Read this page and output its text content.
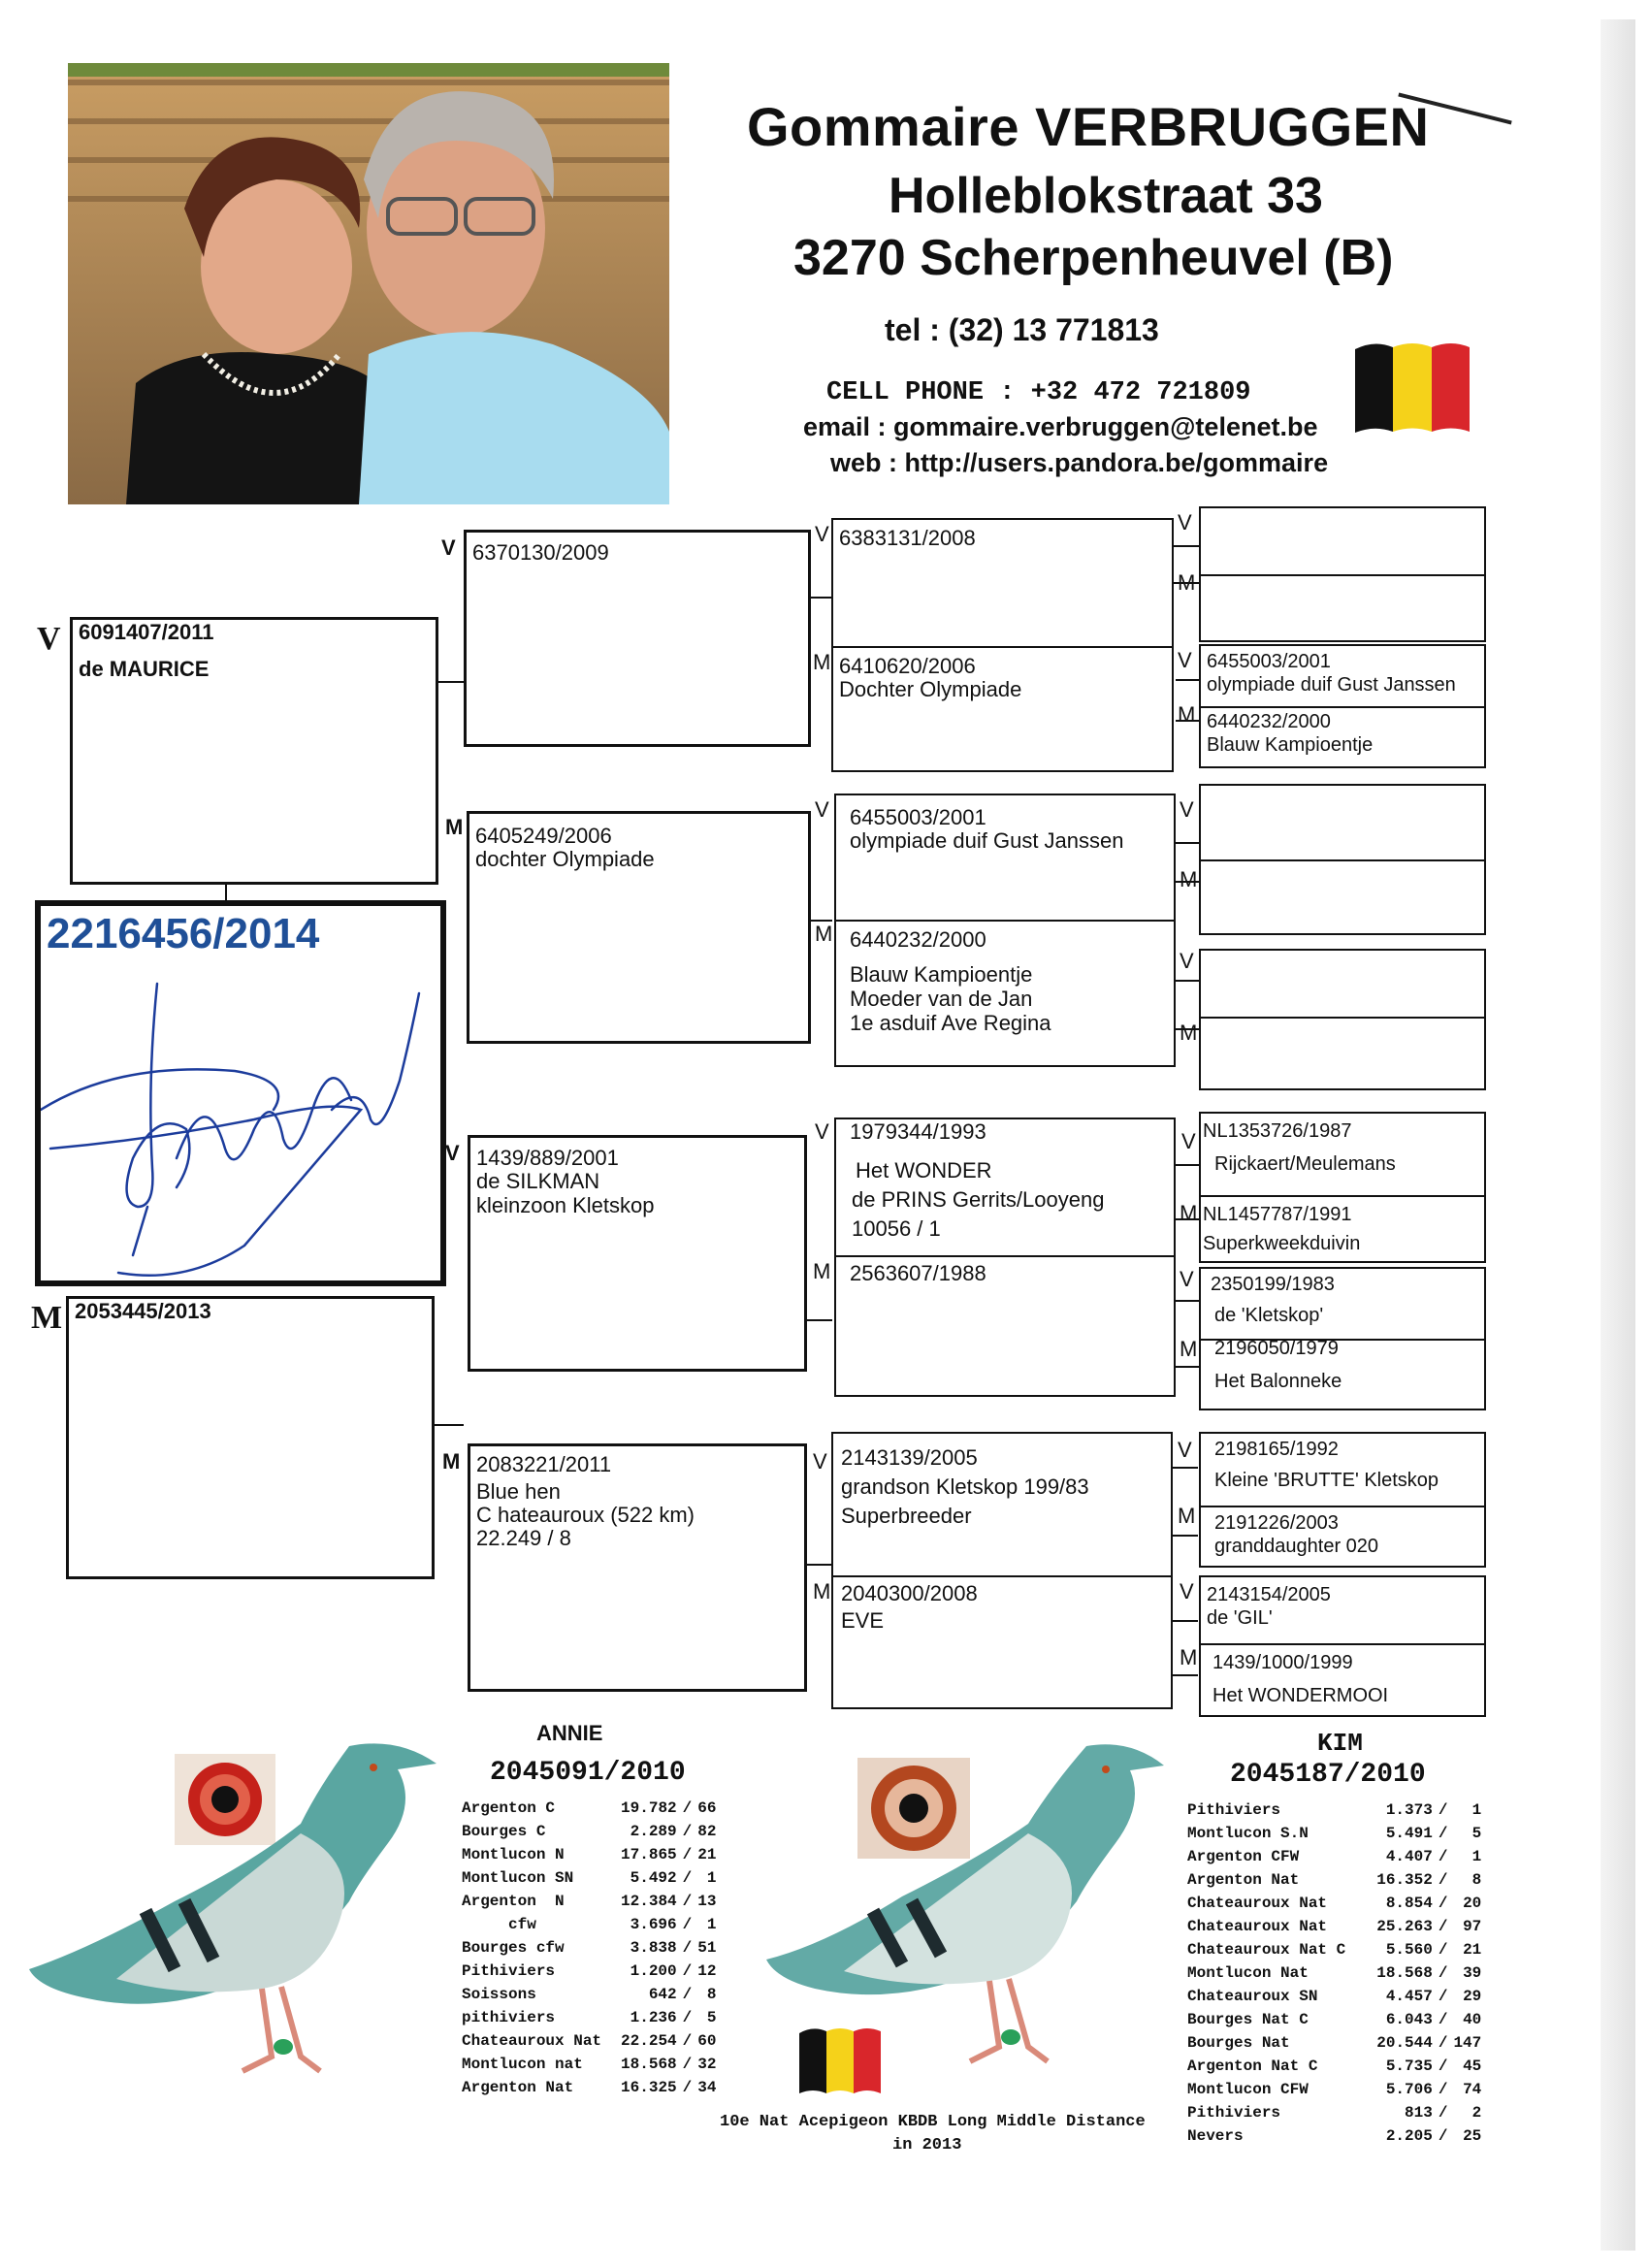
Gommaire VERBRUGGEN
Holleblokstraat 33
3270 Scherpenheuvel (B)
tel : (32) 13 771813
CELL PHONE : +32 472 721809
email : gommaire.verbruggen@telenet.be
web : http://users.pandora.be/gommaire
V 6091407/2011
de MAURICE
2216456/2014
M 2053445/2013
V 6370130/2009
M 6405249/2006
dochter Olympiade
V 1439/889/2001
de SILKMAN
kleinzoon Kletskop
M 2083221/2011
Blue hen
C hateauroux (522 km)
22.249 / 8
6383131/2008
6410620/2006
Dochter Olympiade
V
M
6455003/2001
olympiade duif Gust Janssen
6440232/2000
Blauw Kampioentje
Moeder van de Jan
1e asduif Ave Regina
V
M
1979344/1993
Het WONDER
de PRINS Gerrits/Looyeng
10056 / 1
2563607/1988
V
M
2143139/2005
grandson Kletskop 199/83
Superbreeder
2040300/2008
EVE
V
M
V
M
6455003/2001
olympiade duif Gust Janssen
6440232/2000
Blauw Kampioentje
V
M
V
M
V
M
NL1353726/1987
Rijckaert/Meulemans
NL1457787/1991
Superkweekduivin
V
M
2350199/1983
de 'Kletskop'
2196050/1979
Het Balonneke
V
M
2198165/1992
Kleine 'BRUTTE' Kletskop
2191226/2003
granddaughter 020
V
M
2143154/2005
de 'GIL'
1439/1000/1999
Het WONDERMOOI
V
M
ANNIE
2045091/2010
Argenton C	19.782	/	66
Bourges C	2.289	/	82
Montlucon N	17.865	/	21
Montlucon SN	5.492	/	1
Argenton  N	12.384	/	13
cfw	3.696	/	1
Bourges cfw	3.838	/	51
Pithiviers	1.200	/	12
Soissons	642	/	8
pithiviers	1.236	/	5
Chateauroux Nat	22.254	/	60
Montlucon nat	18.568	/	32
Argenton Nat	16.325	/	34
KIM
2045187/2010
Pithiviers	1.373	/	1
Montlucon S.N	5.491	/	5
Argenton CFW	4.407	/	1
Argenton Nat	16.352	/	8
Chateauroux Nat	8.854	/	20
Chateauroux Nat	25.263	/	97
Chateauroux Nat C	5.560	/	21
Montlucon Nat	18.568	/	39
Chateauroux SN	4.457	/	29
Bourges Nat C	6.043	/	40
Bourges Nat	20.544	/	147
Argenton Nat C	5.735	/	45
Montlucon CFW	5.706	/	74
Pithiviers	813	/	2
Nevers	2.205	/	25
10e Nat Acepigeon KBDB Long Middle Distance
in 2013
